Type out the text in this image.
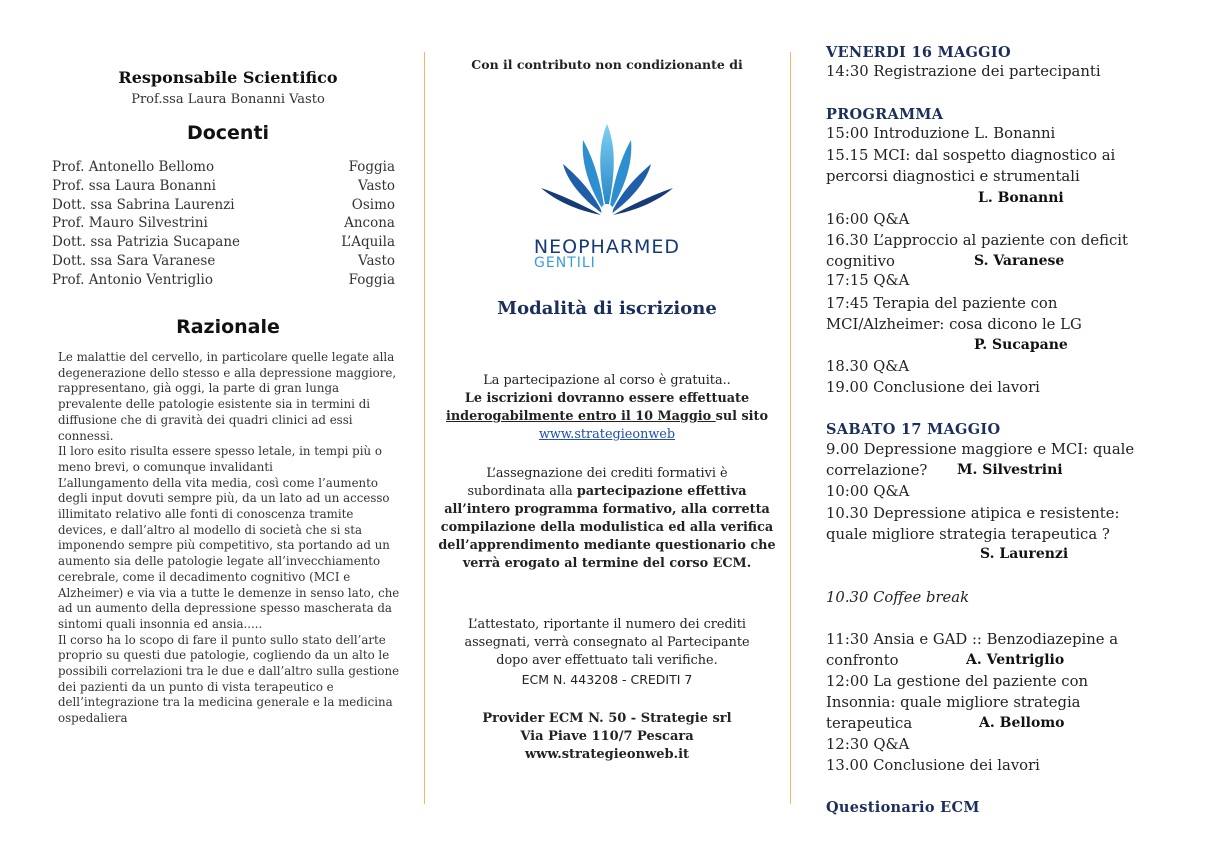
Responsabile Scientifico
Prof.ssa Laura Bonanni Vasto
Docenti
Prof. Antonello Bellomo	Foggia
Prof. ssa Laura Bonanni	Vasto
Dott. ssa Sabrina Laurenzi	Osimo
Prof. Mauro Silvestrini	Ancona
Dott. ssa Patrizia Sucapane	L’Aquila
Dott. ssa Sara Varanese	Vasto
Prof. Antonio Ventriglio	Foggia
Razionale

Le malattie del cervello, in particolare quelle legate alla degenerazione dello stesso e alla depressione maggiore, rappresentano, già oggi, la parte di gran lunga prevalente delle patologie esistente sia in termini di diffusione che di gravità dei quadri clinici ad essi connessi.

Il loro esito risulta essere spesso letale, in tempi più o meno brevi, o comunque invalidanti

L’allungamento della vita media, così come l’aumento degli input dovuti sempre più, da un lato ad un accesso illimitato relativo alle fonti di conoscenza tramite devices, e dall’altro al modello di società che si sta imponendo sempre più competitivo, sta portando ad un aumento sia delle patologie legate all’invecchiamento cerebrale, come il decadimento cognitivo (MCI e Alzheimer) e via via a tutte le demenze in senso lato, che ad un aumento della depressione spesso mascherata da sintomi quali insonnia ed ansia.....

Il corso ha lo scopo di fare il punto sullo stato dell’arte proprio su questi due patologie, cogliendo da un alto le possibili correlazioni tra le due e dall’altro sulla gestione dei pazienti da un punto di vista terapeutico e dell’integrazione tra la medicina generale e la medicina ospedaliera

Con il contributo non condizionante di
NEOPHARMED
GENTILI
Modalità di iscrizione
La partecipazione al corso è gratuita..
Le iscrizioni dovranno essere effettuate
inderogabilmente entro il 10 Maggio sul sito
www.strategieonweb
L’assegnazione dei crediti formativi è
subordinata alla partecipazione effettiva
all’intero programma formativo, alla corretta compilazione della modulistica ed alla verifica dell’apprendimento mediante questionario che verrà erogato al termine del corso ECM.
L’attestato, riportante il numero dei crediti assegnati, verrà consegnato al Partecipante dopo aver effettuato tali verifiche.
ECM N. 443208 - CREDITI 7
Provider ECM N. 50 - Strategie srl
Via Piave 110/7 Pescara
www.strategieonweb.it
VENERDI 16 MAGGIO
14:30 Registrazione dei partecipanti
PROGRAMMA
15:00 Introduzione L. Bonanni
15.15 MCI: dal sospetto diagnostico ai
percorsi diagnostici e strumentali
L. Bonanni
16:00 Q&A
16.30 L’approccio al paziente con deficit
cognitivo	S. Varanese
17:15 Q&A
17:45 Terapia del paziente con
MCI/Alzheimer: cosa dicono le LG
P. Sucapane
18.30 Q&A
19.00 Conclusione dei lavori
SABATO 17 MAGGIO
9.00 Depressione maggiore e MCI: quale
correlazione? M. Silvestrini
10:00 Q&A
10.30 Depressione atipica e resistente:
quale migliore strategia terapeutica ?
S. Laurenzi
10.30 Coffee break
11:30 Ansia e GAD :: Benzodiazepine a
confronto	A. Ventriglio
12:00 La gestione del paziente con
Insonnia: quale migliore strategia
terapeutica	A. Bellomo
12:30 Q&A
13.00 Conclusione dei lavori
Questionario ECM
